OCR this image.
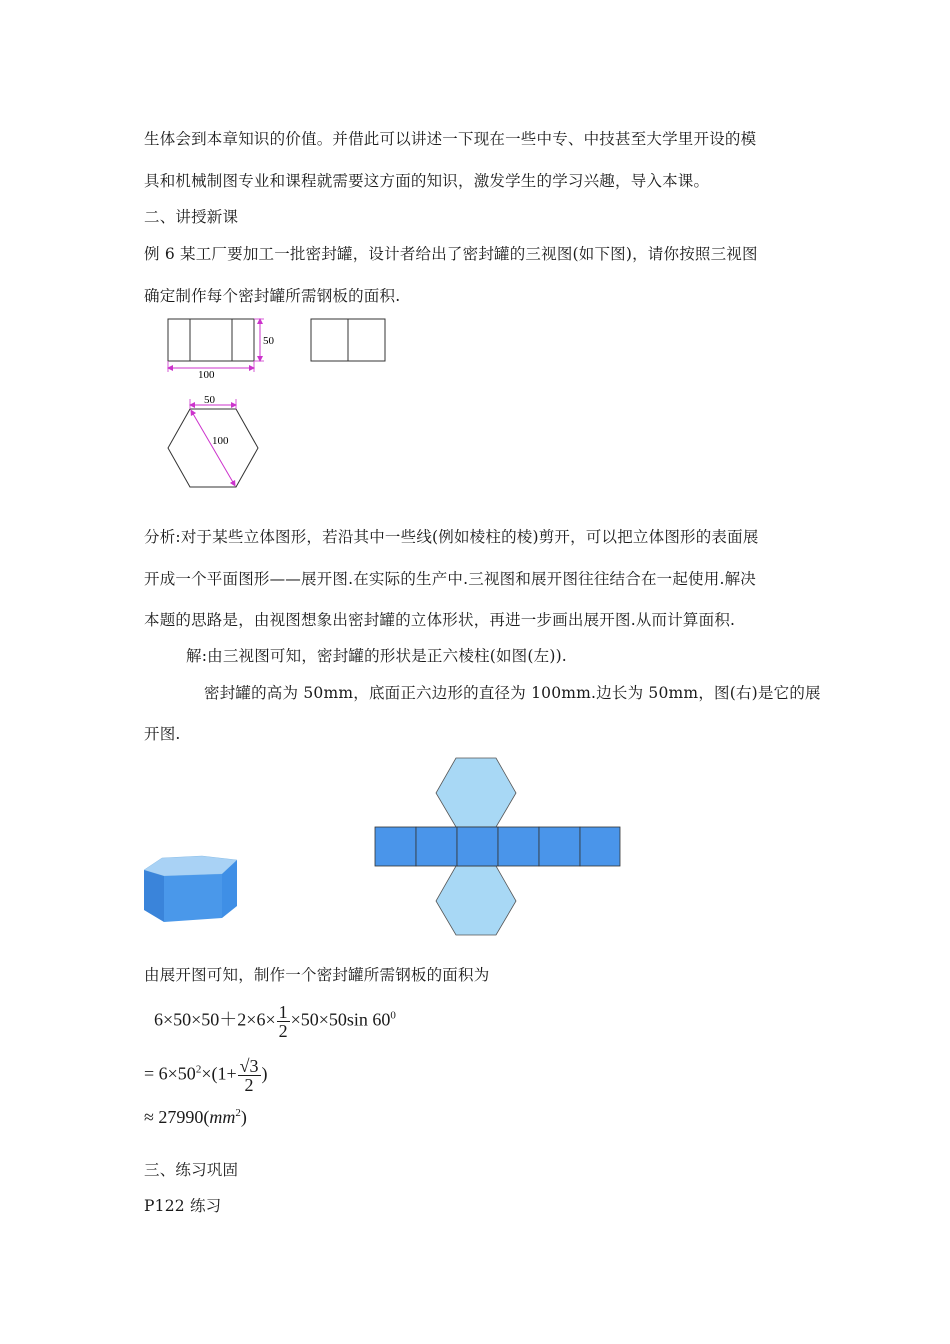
生体会到本章知识的价值。并借此可以讲述一下现在一些中专、中技甚至大学里开设的模
具和机械制图专业和课程就需要这方面的知识，激发学生的学习兴趣，导入本课。
二、讲授新课
例 6 某工厂要加工一批密封罐，设计者给出了密封罐的三视图(如下图)，请你按照三视图
确定制作每个密封罐所需钢板的面积.
100
50
50
100
分析:对于某些立体图形，若沿其中一些线(例如棱柱的棱)剪开，可以把立体图形的表面展
开成一个平面图形——展开图.在实际的生产中.三视图和展开图往往结合在一起使用.解决
本题的思路是，由视图想象出密封罐的立体形状，再进一步画出展开图.从而计算面积.
解:由三视图可知，密封罐的形状是正六棱柱(如图(左)).
密封罐的高为 50mm，底面正六边形的直径为 100mm.边长为 50mm，图(右)是它的展
开图.
由展开图可知，制作一个密封罐所需钢板的面积为
$6\times 50\times 50+2\times 6\times \frac{1}{2} \times 50\times 50\sin$ $60^0$
= $6\times 50^2\times(1+ \frac{√3}{2}$ )
≈ $27990(mm^2)$
三、练习巩固
P122 练习
